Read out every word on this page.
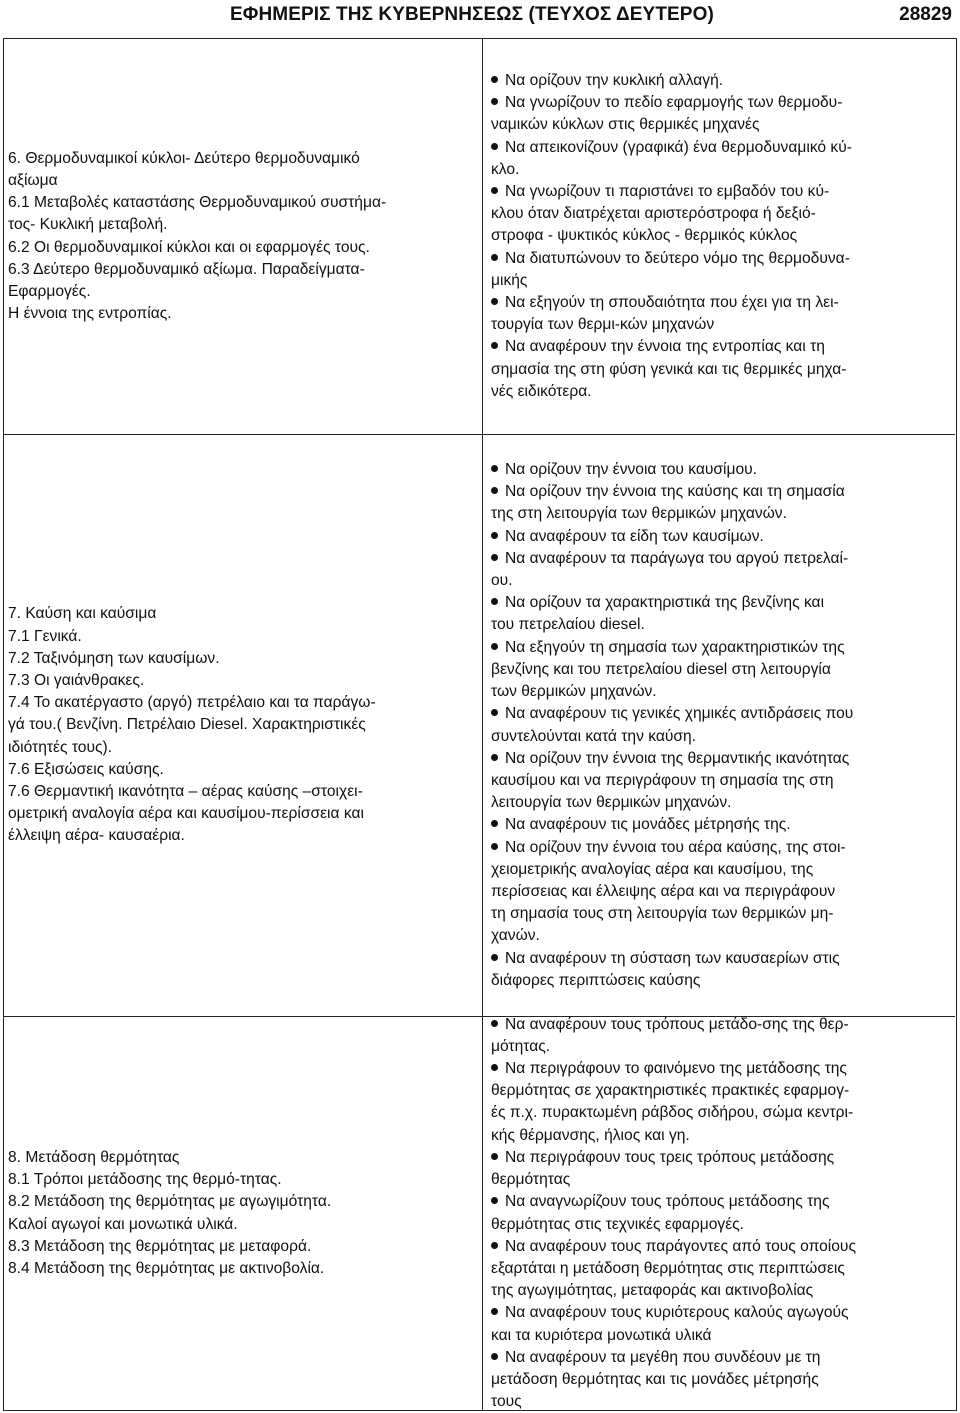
ΕΦΗΜΕΡΙΣ ΤΗΣ ΚΥΒΕΡΝΗΣΕΩΣ (ΤΕΥΧΟΣ ΔΕΥΤΕΡΟ)	28829
6. Θερμοδυναμικοί κύκλοι- Δεύτερο θερμοδυναμικό
αξίωμα
6.1 Μεταβολές καταστάσης Θερμοδυναμικού συστήμα-
τος- Κυκλική μεταβολή.
6.2 Οι θερμοδυναμικοί κύκλοι και οι εφαρμογές τους.
6.3 Δεύτερο θερμοδυναμικό αξίωμα. Παραδείγματα-
Εφαρμογές.
Η έννοια της εντροπίας.
Να ορίζουν την κυκλική αλλαγή.
Να γνωρίζουν το πεδίο εφαρμογής των θερμοδυ-
ναμικών κύκλων στις θερμικές μηχανές
Να απεικονίζουν (γραφικά) ένα θερμοδυναμικό κύ-
κλο.
Να γνωρίζουν τι παριστάνει το εμβαδόν του κύ-
κλου όταν διατρέχεται αριστερόστροφα ή δεξιό-
στροφα - ψυκτικός κύκλος - θερμικός κύκλος
Να διατυπώνουν το δεύτερο νόμο της θερμοδυνα-
μικής
Να εξηγούν τη σπουδαιότητα που έχει για τη λει-
τουργία των θερμι-κών μηχανών
Να αναφέρουν την έννοια της εντροπίας και τη
σημασία της στη φύση γενικά και τις θερμικές μηχα-
νές ειδικότερα.
7. Καύση και καύσιμα
7.1 Γενικά.
7.2 Ταξινόμηση των καυσίμων.
7.3 Οι γαιάνθρακες.
7.4 Το ακατέργαστο (αργό) πετρέλαιο και τα παράγω-
γά του.( Βενζίνη. Πετρέλαιο Diesel. Χαρακτηριστικές
ιδιότητές τους).
7.6 Εξισώσεις καύσης.
7.6 Θερμαντική ικανότητα – αέρας καύσης –στοιχει-
ομετρική αναλογία αέρα και καυσίμου-περίσσεια και
έλλειψη αέρα- καυσαέρια.
Να ορίζουν την έννοια του καυσίμου.
Να ορίζουν την έννοια της καύσης και τη σημασία
της στη λειτουργία των θερμικών μηχανών.
Να αναφέρουν τα είδη των καυσίμων.
Να αναφέρουν τα παράγωγα του αργού πετρελαί-
ου.
Να ορίζουν τα χαρακτηριστικά της βενζίνης και
του πετρελαίου diesel.
Να εξηγούν τη σημασία των χαρακτηριστικών της
βενζίνης και του πετρελαίου diesel στη λειτουργία
των θερμικών μηχανών.
Να αναφέρουν τις γενικές χημικές αντιδράσεις που
συντελούνται κατά την καύση.
Να ορίζουν την έννοια της θερμαντικής ικανότητας
καυσίμου και να περιγράφουν τη σημασία της στη
λειτουργία των θερμικών μηχανών.
Να αναφέρουν τις μονάδες μέτρησής της.
Να ορίζουν την έννοια του αέρα καύσης, της στοι-
χειομετρικής αναλογίας αέρα και καυσίμου, της
περίσσειας και έλλειψης αέρα και να περιγράφουν
τη σημασία τους στη λειτουργία των θερμικών μη-
χανών.
Να αναφέρουν τη σύσταση των καυσαερίων στις
διάφορες περιπτώσεις καύσης
8. Μετάδοση θερμότητας
8.1 Τρόποι μετάδοσης της θερμό-τητας.
8.2 Μετάδοση της θερμότητας με αγωγιμότητα.
Καλοί αγωγοί και μονωτικά υλικά.
8.3 Μετάδοση της θερμότητας με μεταφορά.
8.4 Μετάδοση της θερμότητας με ακτινοβολία.
Να αναφέρουν τους τρόπους μετάδο-σης της θερ-
μότητας.
Να περιγράφουν το φαινόμενο της μετάδοσης της
θερμότητας σε χαρακτηριστικές πρακτικές εφαρμογ-
ές π.χ. πυρακτωμένη ράβδος σιδήρου, σώμα κεντρι-
κής θέρμανσης, ήλιος και γη.
Να περιγράφουν τους τρεις τρόπους μετάδοσης
θερμότητας
Να αναγνωρίζουν τους τρόπους μετάδοσης της
θερμότητας στις τεχνικές εφαρμογές.
Να αναφέρουν τους παράγοντες από τους οποίους
εξαρτάται η μετάδοση θερμότητας στις περιπτώσεις
της αγωγιμότητας, μεταφοράς και ακτινοβολίας
Να αναφέρουν τους κυριότερους καλούς αγωγούς
και τα κυριότερα μονωτικά υλικά
Να αναφέρουν τα μεγέθη που συνδέουν με τη
μετάδοση θερμότητας και τις μονάδες μέτρησής
τους
